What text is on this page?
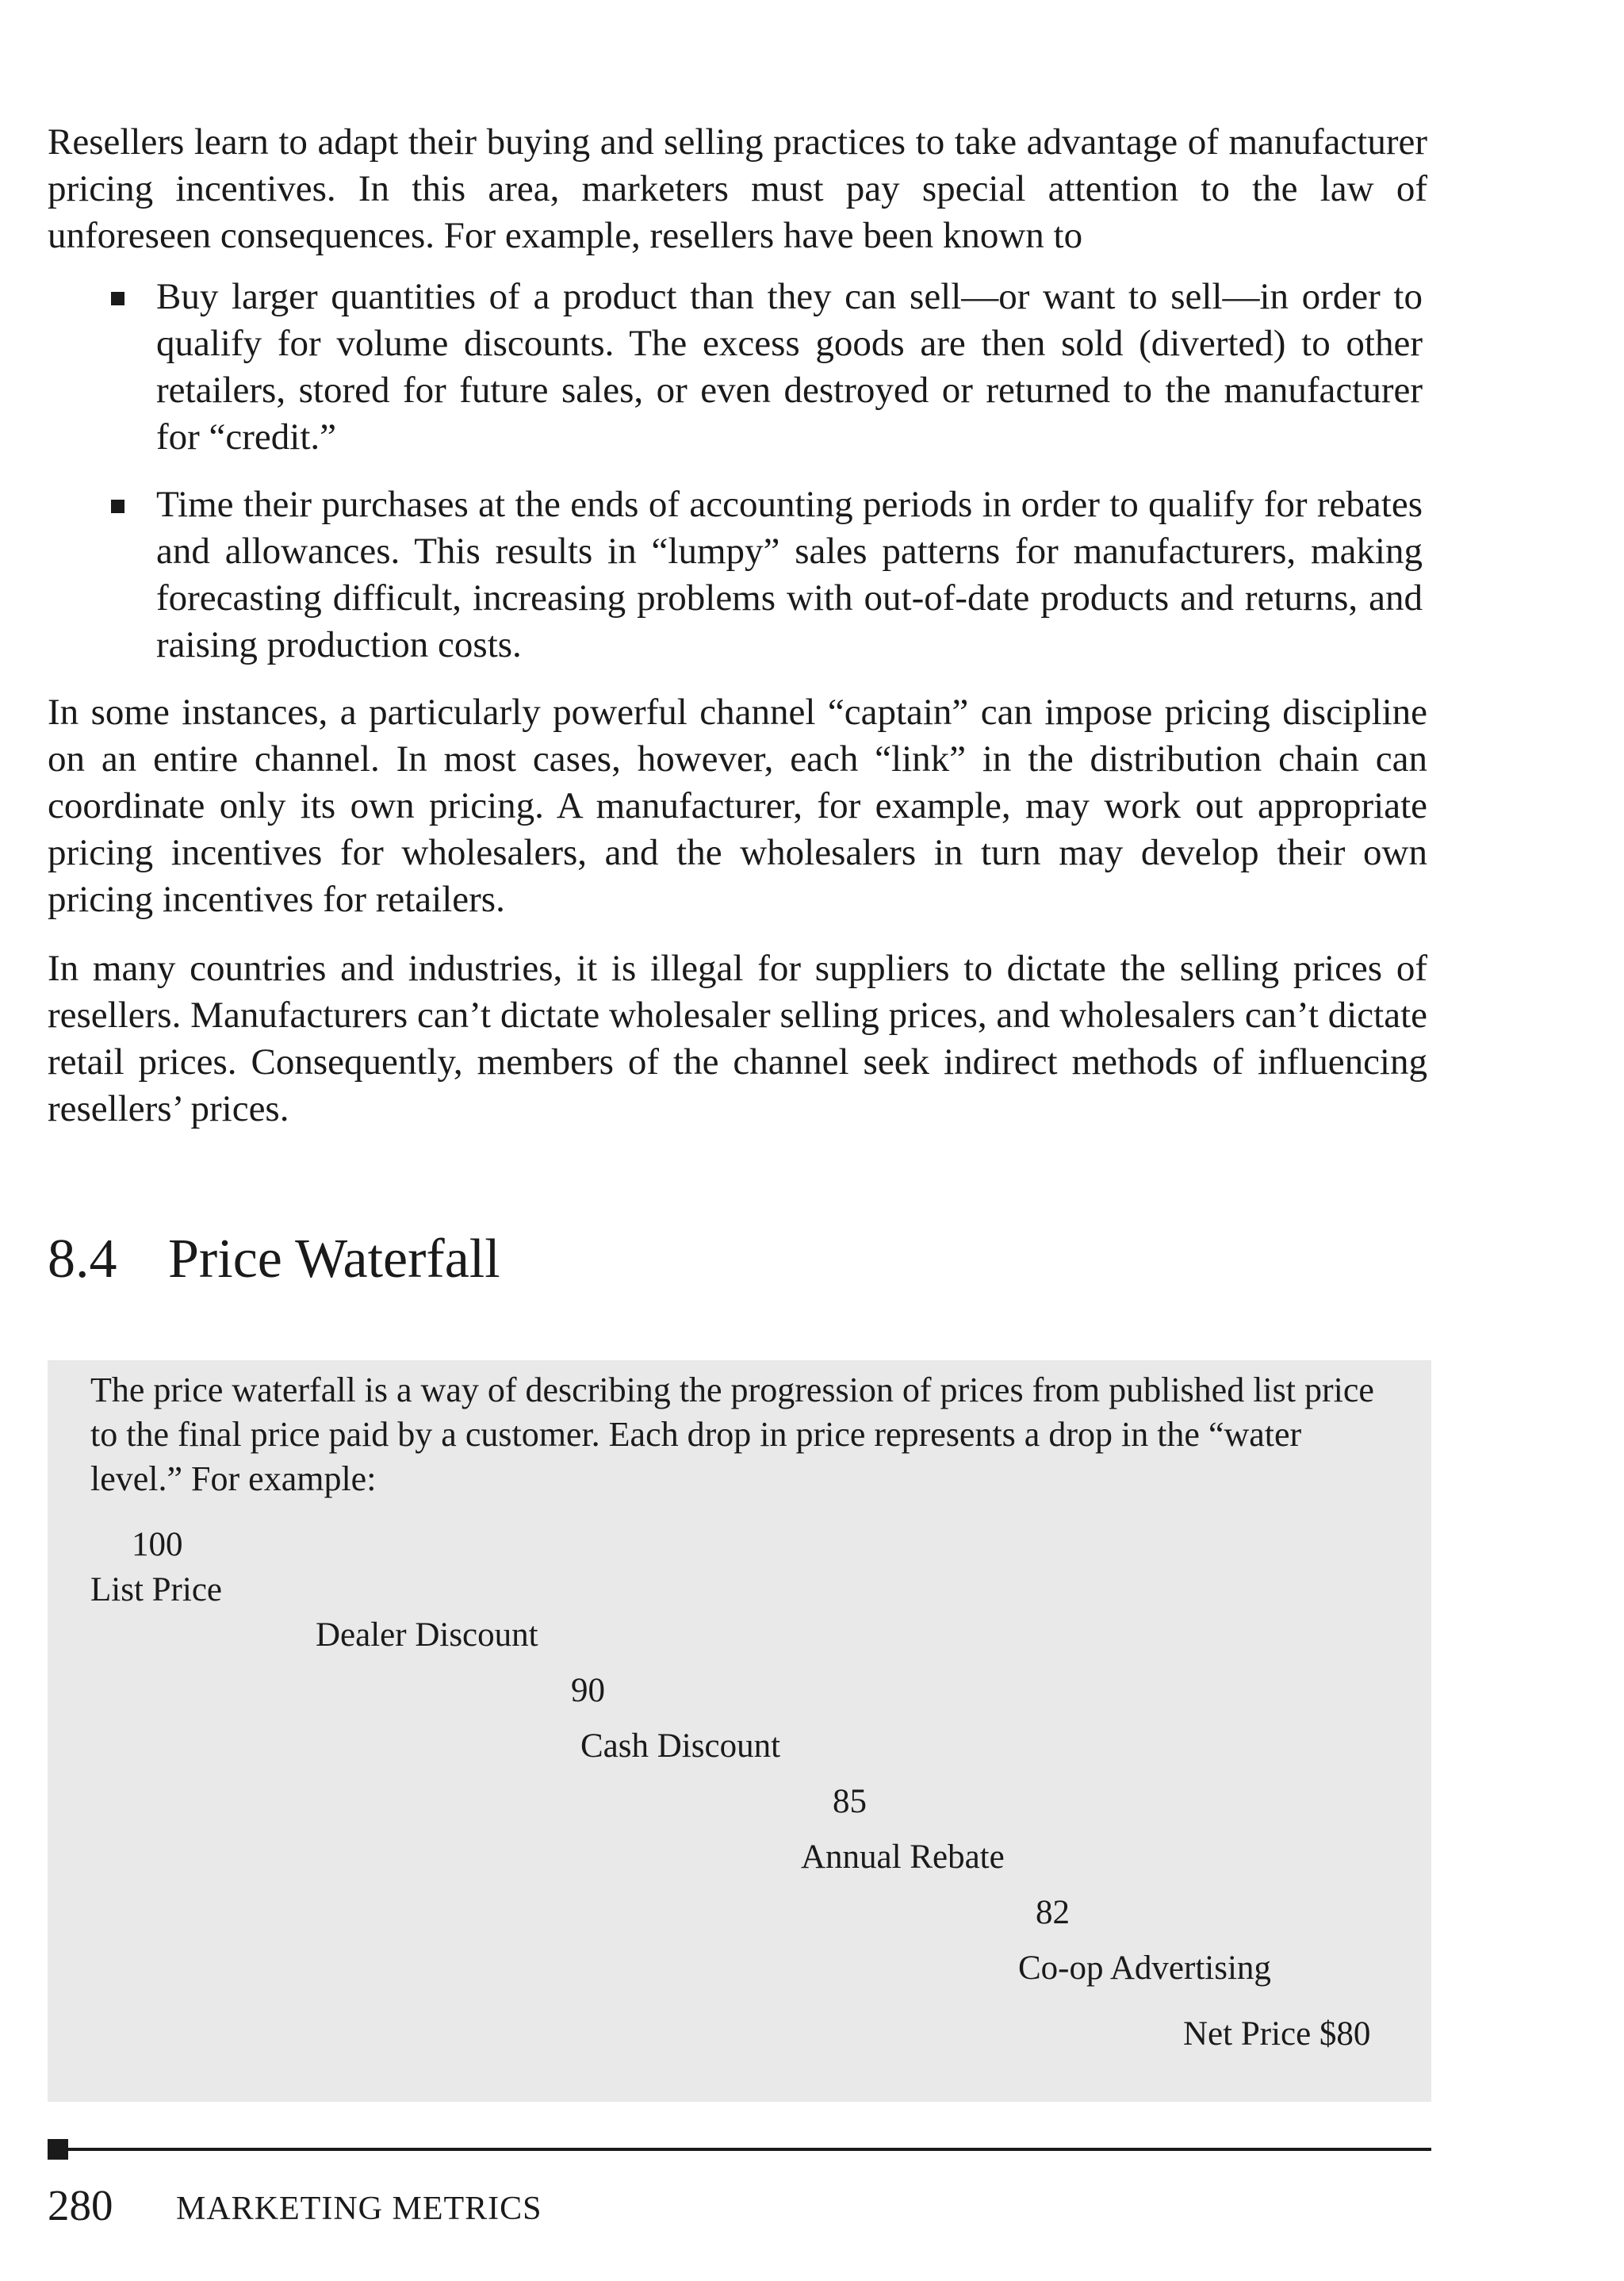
Resellers learn to adapt their buying and selling practices to take advantage of manufacturer pricing incentives. In this area, marketers must pay special attention to the law of unforeseen consequences. For example, resellers have been known to

Buy larger quantities of a product than they can sell—or want to sell—in order to qualify for volume discounts. The excess goods are then sold (diverted) to other retailers, stored for future sales, or even destroyed or returned to the manufacturer for “credit.”
Time their purchases at the ends of accounting periods in order to qualify for rebates and allowances. This results in “lumpy” sales patterns for manufacturers, making forecasting difficult, increasing problems with out-of-date products and returns, and raising production costs.

In some instances, a particularly powerful channel “captain” can impose pricing discipline on an entire channel. In most cases, however, each “link” in the distribution chain can coordinate only its own pricing. A manufacturer, for example, may work out appropriate pricing incentives for wholesalers, and the wholesalers in turn may develop their own pricing incentives for retailers.

In many countries and industries, it is illegal for suppliers to dictate the selling prices of resellers. Manufacturers can’t dictate wholesaler selling prices, and wholesalers can’t dictate retail prices. Consequently, members of the channel seek indirect methods of influencing resellers’ prices.

8.4 Price Waterfall

The price waterfall is a way of describing the progression of prices from published list price to the final price paid by a customer. Each drop in price represents a drop in the “water level.” For example:

100
List Price
Dealer Discount
90
Cash Discount
85
Annual Rebate
82
Co-op Advertising
Net Price $80
280 MARKETING METRICS
